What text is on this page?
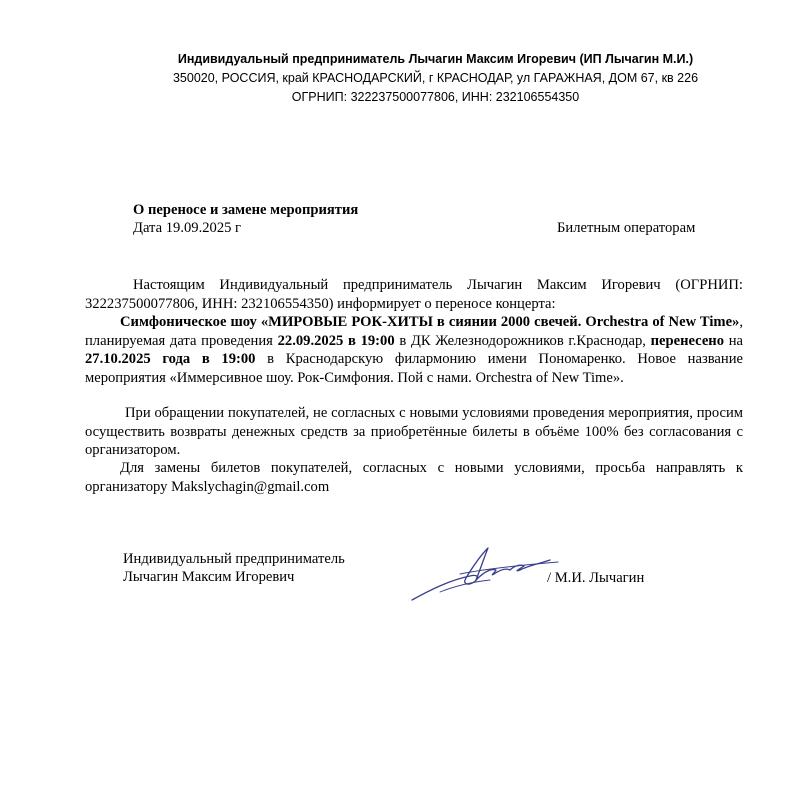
Индивидуальный предприниматель Лычагин Максим Игоревич (ИП Лычагин М.И.)
350020, РОССИЯ, край КРАСНОДАРСКИЙ, г КРАСНОДАР, ул ГАРАЖНАЯ, ДОМ 67, кв 226
ОГРНИП: 322237500077806, ИНН: 232106554350
О переносе и замене мероприятия
Дата 19.09.2025 г	Билетным операторам
Настоящим Индивидуальный предприниматель Лычагин Максим Игоревич (ОГРНИП: 322237500077806, ИНН: 232106554350) информирует о переносе концерта:
Симфоническое шоу «МИРОВЫЕ РОК-ХИТЫ в сиянии 2000 свечей. Orchestra of New Time», планируемая дата проведения 22.09.2025 в 19:00 в ДК Железнодорожников г.Краснодар, перенесено на 27.10.2025 года в 19:00 в Краснодарскую филармонию имени Пономаренко. Новое название мероприятия «Иммерсивное шоу. Рок-Симфония. Пой с нами. Orchestra of New Time».
При обращении покупателей, не согласных с новыми условиями проведения мероприятия, просим осуществить возвраты денежных средств за приобретённые билеты в объёме 100% без согласования с организатором.
Для замены билетов покупателей, согласных с новыми условиями, просьба направлять к организатору Makslychagin@gmail.com
Индивидуальный предприниматель
Лычагин Максим Игоревич	/ М.И. Лычагин
